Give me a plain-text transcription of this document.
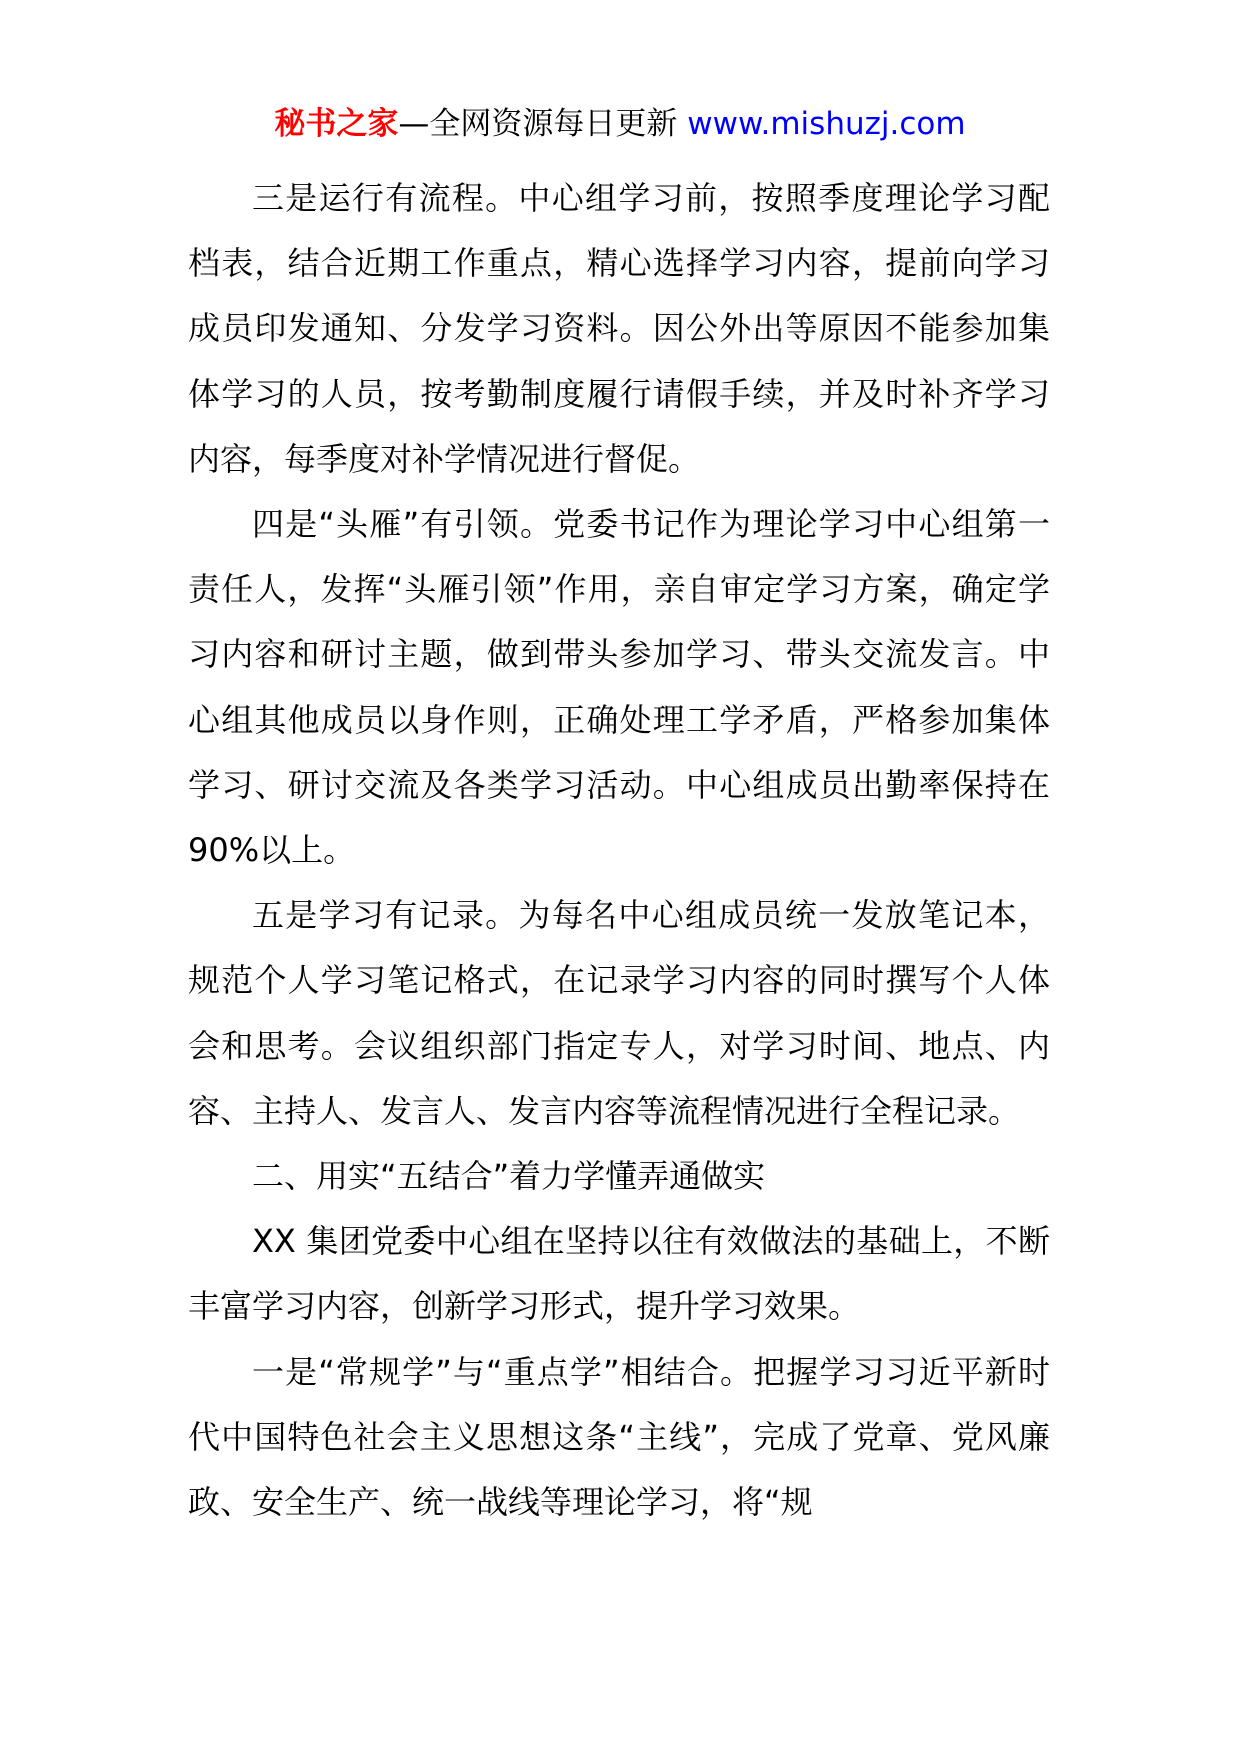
秘书之家—全网资源每日更新 www.mishuzj.com

三是运行有流程。中心组学习前，按照季度理论学习配档表，结合近期工作重点，精心选择学习内容，提前向学习成员印发通知、分发学习资料。因公外出等原因不能参加集体学习的人员，按考勤制度履行请假手续，并及时补齐学习内容，每季度对补学情况进行督促。

四是“头雁”有引领。党委书记作为理论学习中心组第一责任人，发挥“头雁引领”作用，亲自审定学习方案，确定学习内容和研讨主题，做到带头参加学习、带头交流发言。中心组其他成员以身作则，正确处理工学矛盾，严格参加集体学习、研讨交流及各类学习活动。中心组成员出勤率保持在 90%以上。

五是学习有记录。为每名中心组成员统一发放笔记本，规范个人学习笔记格式，在记录学习内容的同时撰写个人体会和思考。会议组织部门指定专人，对学习时间、地点、内容、主持人、发言人、发言内容等流程情况进行全程记录。

二、用实“五结合”着力学懂弄通做实

XX 集团党委中心组在坚持以往有效做法的基础上，不断丰富学习内容，创新学习形式，提升学习效果。

一是“常规学”与“重点学”相结合。把握学习习近平新时代中国特色社会主义思想这条“主线”，完成了党章、党风廉政、安全生产、统一战线等理论学习，将“规
